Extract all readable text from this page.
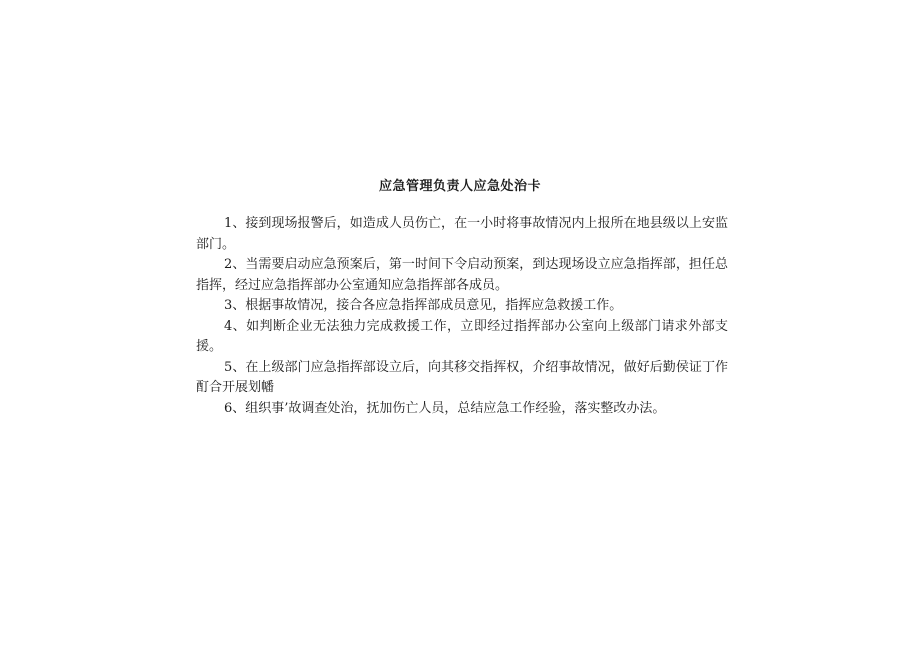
应急管理负责人应急处治卡

1、接到现场报警后，如造成人员伤亡，在一小时将事故情况内上报所在地县级以上安监部门。

2、当需要启动应急预案后，第一时间下令启动预案，到达现场设立应急指挥部，担任总指挥，经过应急指挥部办公室通知应急指挥部各成员。

3、根据事故情况，接合各应急指挥部成员意见，指挥应急救援工作。

4、如判断企业无法独力完成救援工作，立即经过指挥部办公室向上级部门请求外部支援。

5、在上级部门应急指挥部设立后，向其移交指挥权，介绍事故情况，做好后勤侯证丁作酊合开展划幡

6、组织事’故调查处治，抚加伤亡人员，总结应急工作经验，落实整改办法。
